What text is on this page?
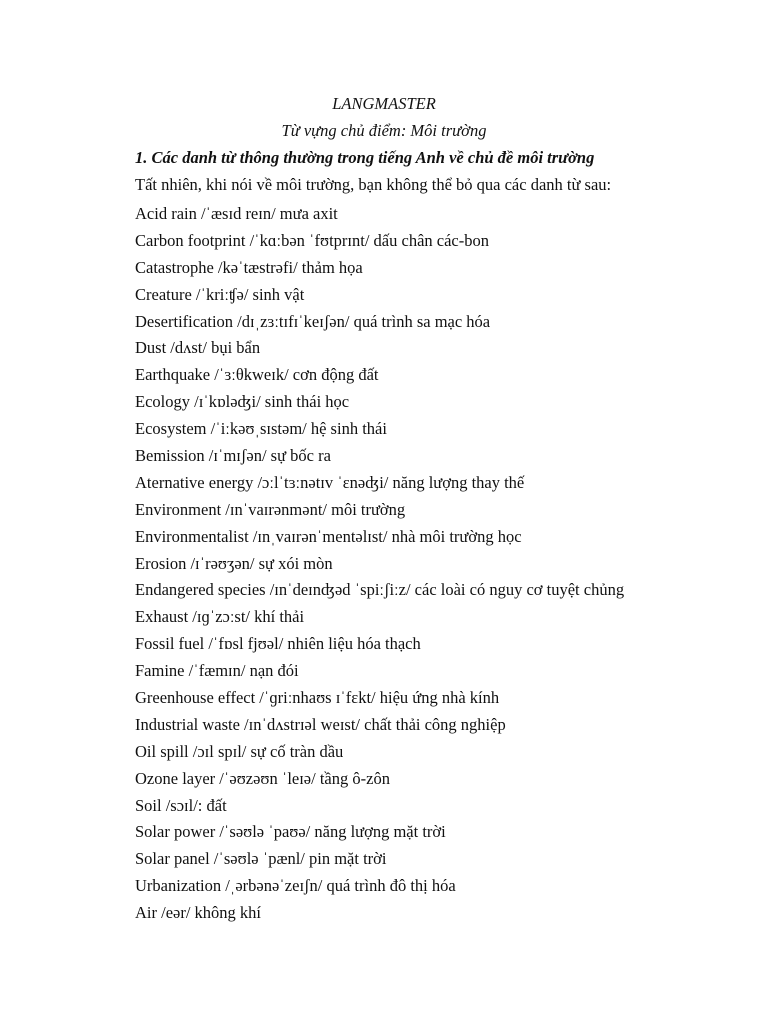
LANGMASTER
Từ vựng chủ điểm: Môi trường
1. Các danh từ thông thường trong tiếng Anh về chủ đề môi trường
Tất nhiên, khi nói về môi trường, bạn không thể bỏ qua các danh từ sau:
Acid rain /ˈæsɪd reɪn/ mưa axit
Carbon footprint /ˈkɑːbən ˈfʊtprɪnt/ dấu chân các-bon
Catastrophe /kəˈtæstrəfi/ thảm họa
Creature /ˈkriːʧə/ sinh vật
Desertification /dɪˌzɜːtɪfɪˈkeɪʃən/ quá trình sa mạc hóa
Dust /dʌst/ bụi bẩn
Earthquake /ˈɜːθkweɪk/ cơn động đất
Ecology /ɪˈkɒləʤi/ sinh thái học
Ecosystem /ˈiːkəʊˌsɪstəm/ hệ sinh thái
Bemission /ɪˈmɪʃən/ sự bốc ra
Aternative energy /ɔːlˈtɜːnətɪv ˈɛnəʤi/ năng lượng thay thế
Environment /ɪnˈvaɪrənmənt/ môi trường
Environmentalist /ɪnˌvaɪrənˈmentəlɪst/ nhà môi trường học
Erosion /ɪˈrəʊʒən/ sự xói mòn
Endangered species /ɪnˈdeɪnʤəd ˈspiːʃiːz/ các loài có nguy cơ tuyệt chủng
Exhaust /ɪɡˈzɔːst/ khí thải
Fossil fuel /ˈfɒsl fjʊəl/ nhiên liệu hóa thạch
Famine /ˈfæmɪn/ nạn đói
Greenhouse effect /ˈɡriːnhaʊs ɪˈfɛkt/ hiệu ứng nhà kính
Industrial waste /ɪnˈdʌstrɪəl weɪst/ chất thải công nghiệp
Oil spill /ɔɪl spɪl/ sự cố tràn dầu
Ozone layer /ˈəʊzəʊn ˈleɪə/ tầng ô-zôn
Soil /sɔɪl/: đất
Solar power /ˈsəʊlə ˈpaʊə/ năng lượng mặt trời
Solar panel /ˈsəʊlə ˈpænl/ pin mặt trời
Urbanization /ˌərbənəˈzeɪʃn/ quá trình đô thị hóa
Air /eər/ không khí
